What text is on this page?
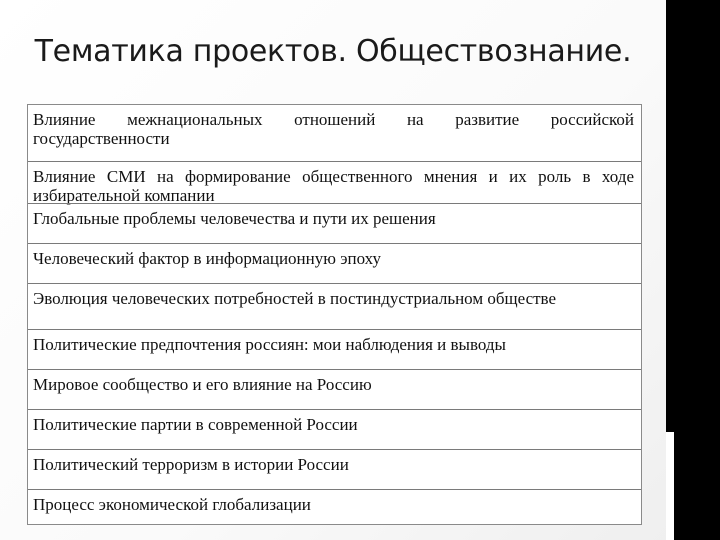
Тематика проектов. Обществознание.
Влияние межнациональных отношений на развитие российской государственности
Влияние СМИ на формирование общественного мнения и их роль в ходе избирательной компании
Глобальные проблемы человечества и пути их решения
Человеческий фактор в информационную эпоху
Эволюция человеческих потребностей в постиндустриальном обществе
Политические предпочтения россиян: мои наблюдения и выводы
Мировое сообщество и его влияние на Россию
Политические партии в современной России
Политический терроризм в истории России
Процесс экономической глобализации
